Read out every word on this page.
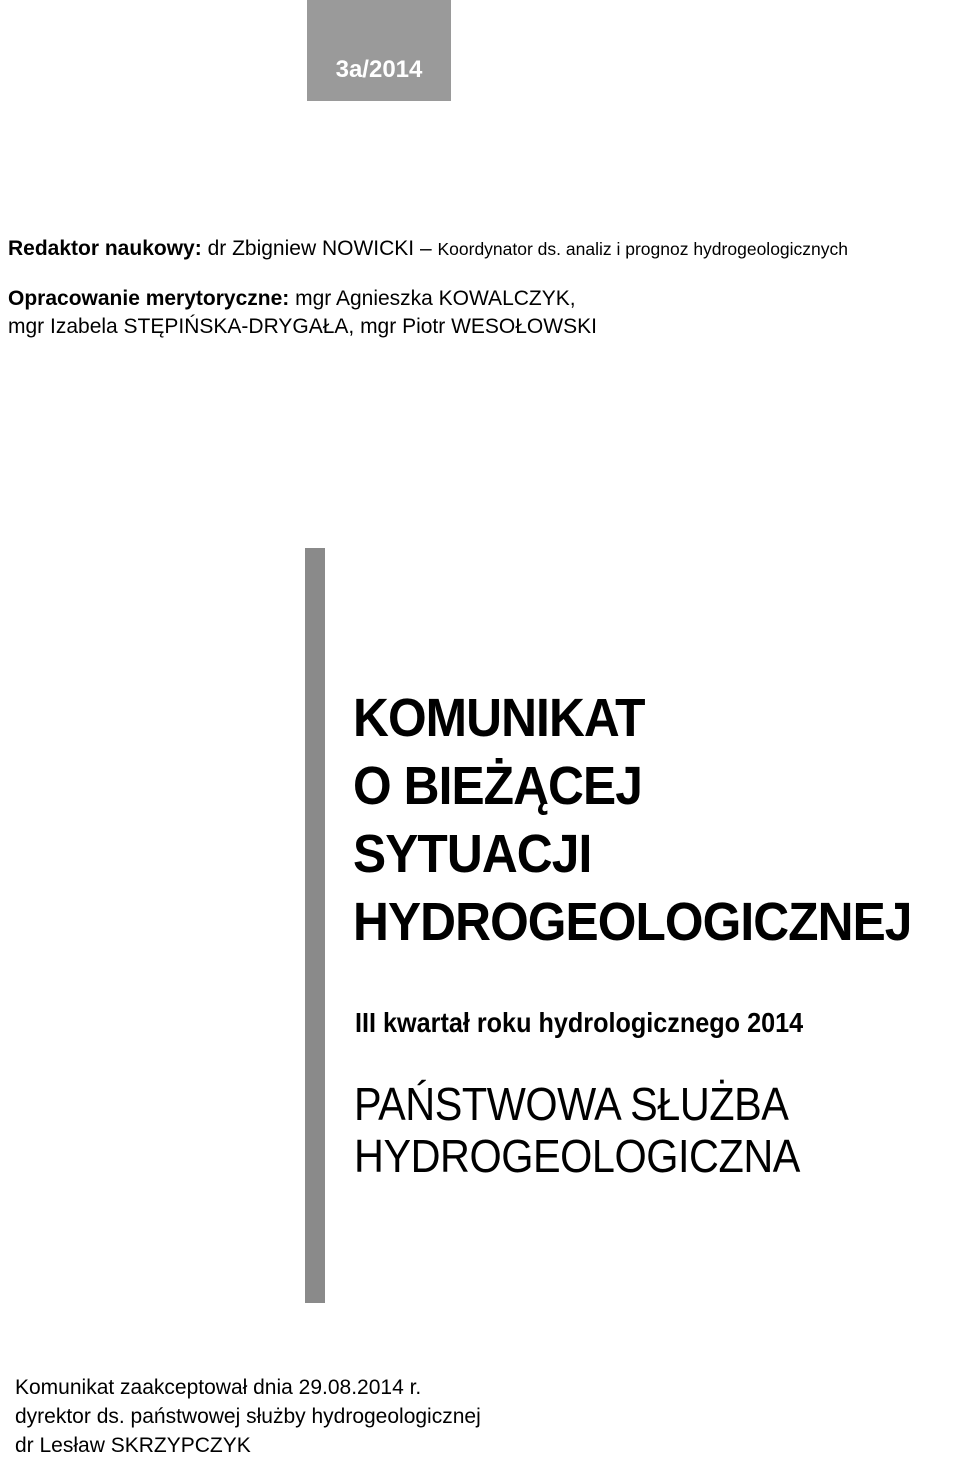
3a/2014
Redaktor naukowy: dr Zbigniew NOWICKI – Koordynator ds. analiz i prognoz hydrogeologicznych
Opracowanie merytoryczne: mgr Agnieszka KOWALCZYK,
mgr Izabela STĘPIŃSKA-DRYGAŁA, mgr Piotr WESOŁOWSKI
KOMUNIKAT
O BIEŻĄCEJ
SYTUACJI
HYDROGEOLOGICZNEJ
III kwartał roku hydrologicznego 2014
PAŃSTWOWA SŁUŻBA
HYDROGEOLOGICZNA
Komunikat zaakceptował dnia 29.08.2014 r.
dyrektor ds. państwowej służby hydrogeologicznej
dr Lesław SKRZYPCZYK
